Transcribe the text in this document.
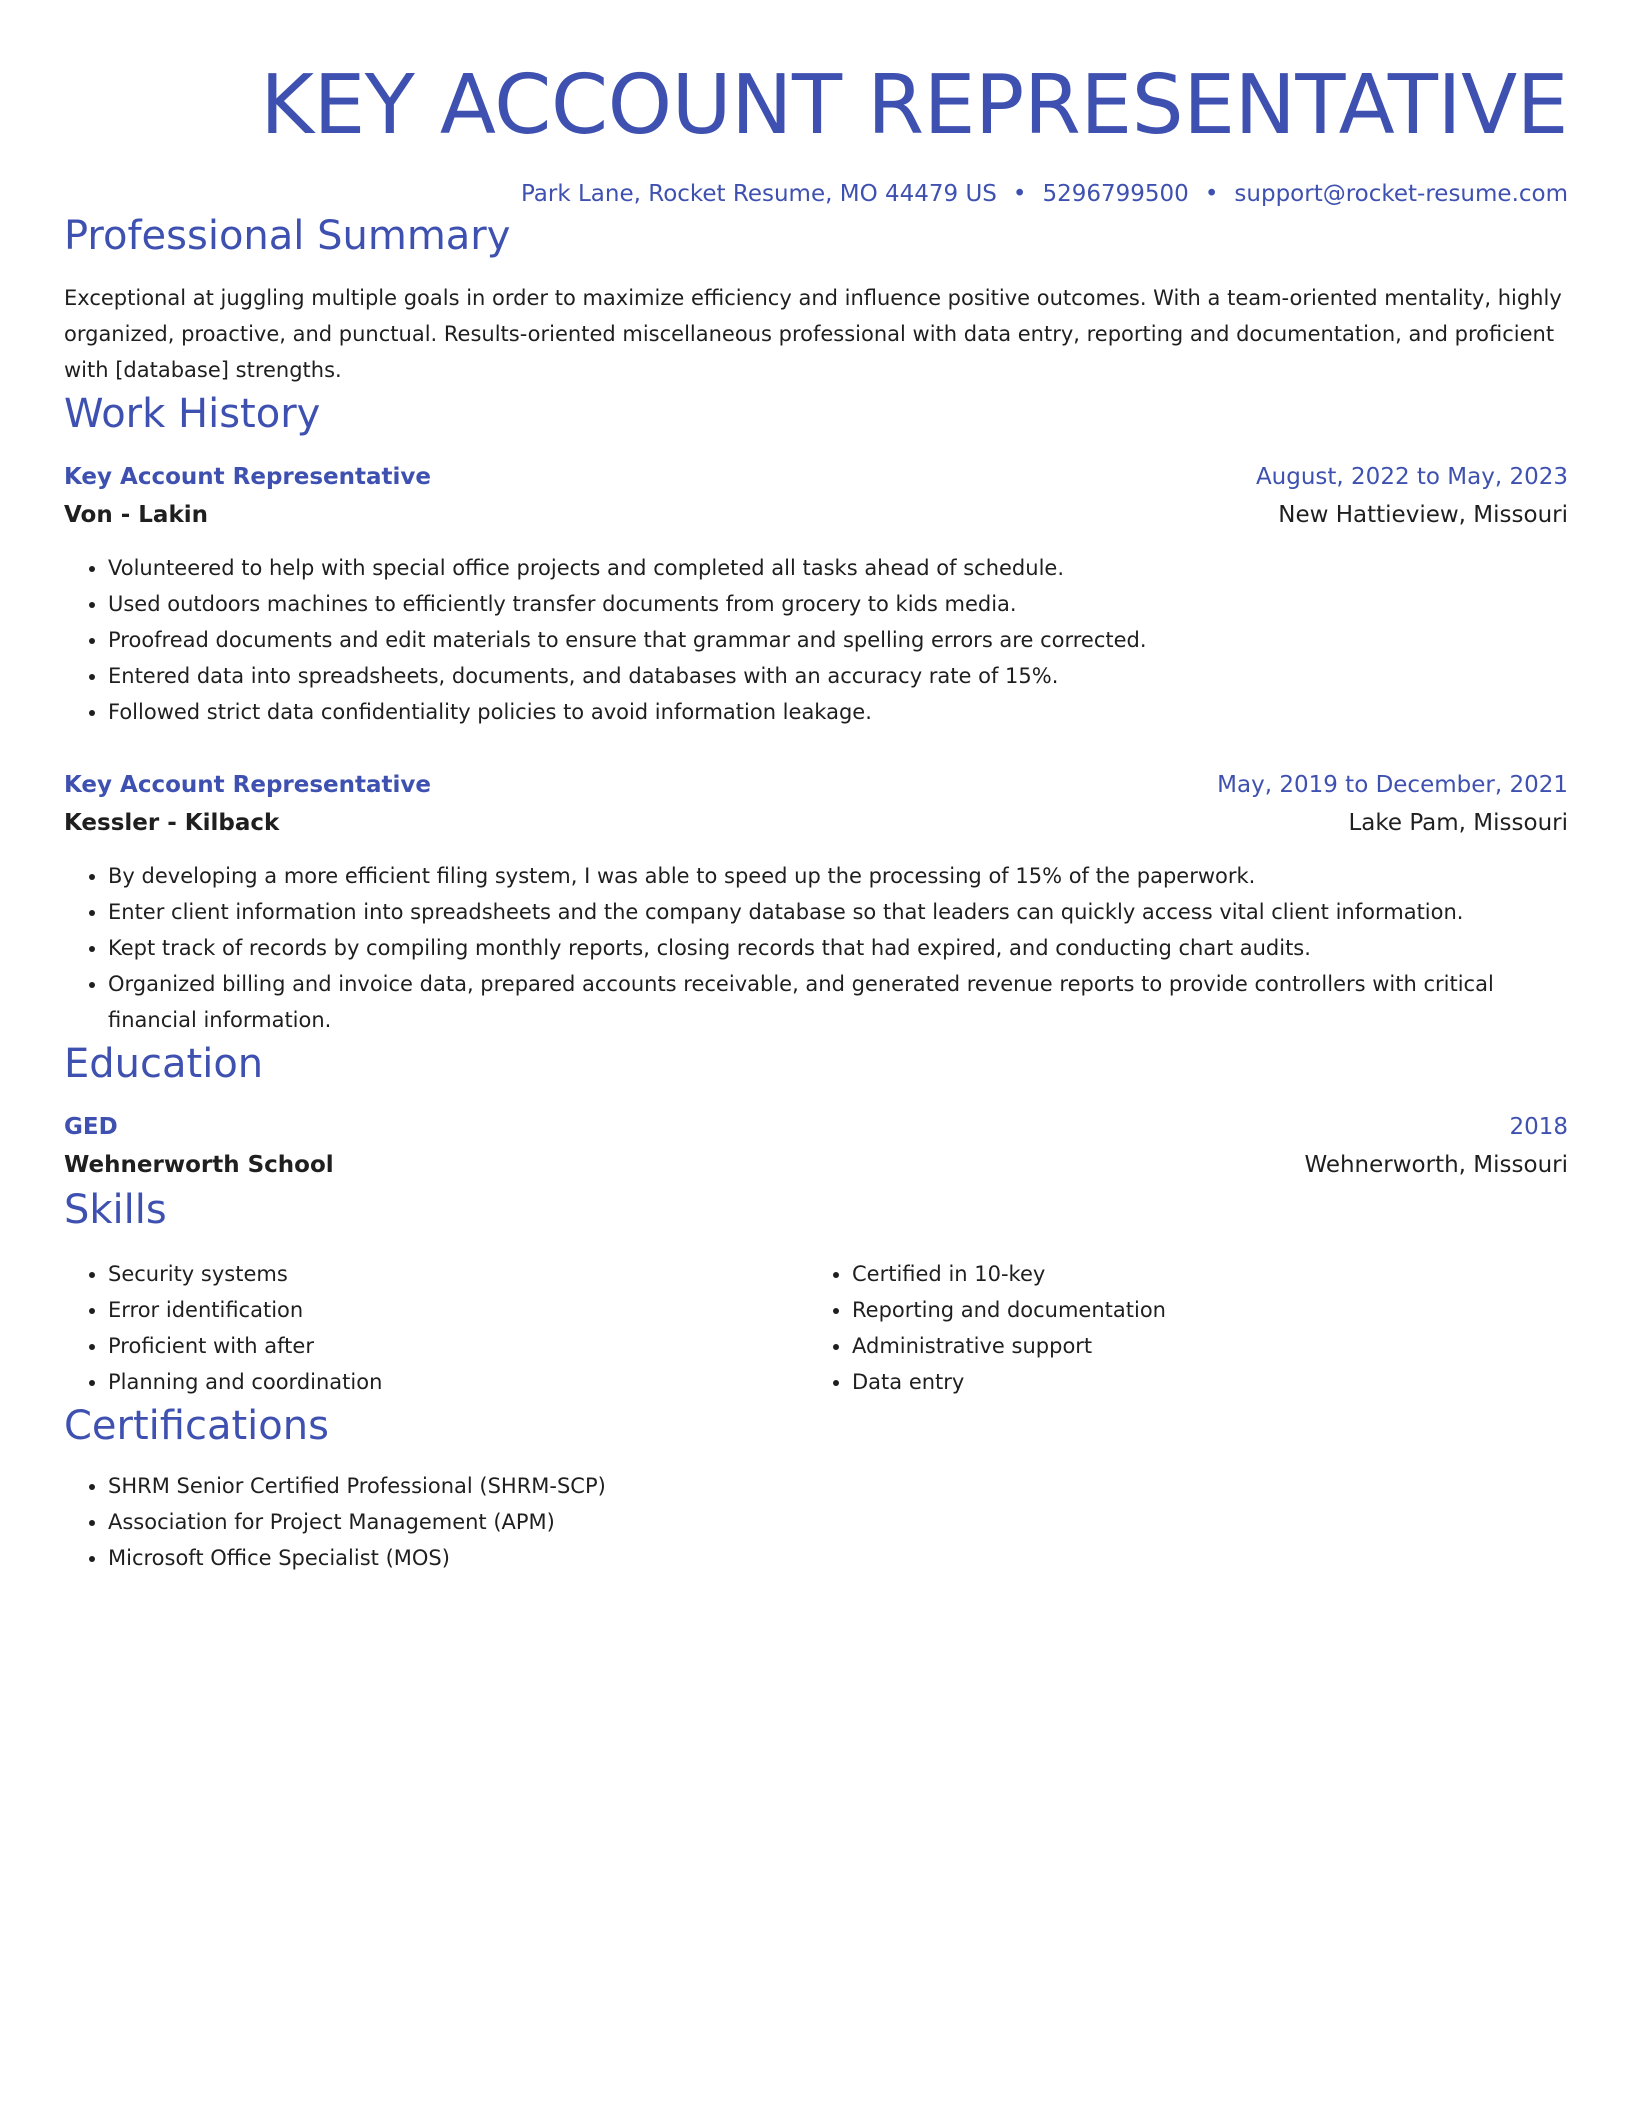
KEY ACCOUNT REPRESENTATIVE
Park Lane, Rocket Resume, MO 44479 US • 5296799500 • support@rocket-resume.com
Professional Summary

Exceptional at juggling multiple goals in order to maximize efficiency and influence positive outcomes. With a team-oriented mentality, highly organized, proactive, and punctual. Results-oriented miscellaneous professional with data entry, reporting and documentation, and proficient with [database] strengths.

Work History
Key Account Representative	August, 2022 to May, 2023
Von - Lakin	New Hattieview, Missouri
• Volunteered to help with special office projects and completed all tasks ahead of schedule.
• Used outdoors machines to efficiently transfer documents from grocery to kids media.
• Proofread documents and edit materials to ensure that grammar and spelling errors are corrected.
• Entered data into spreadsheets, documents, and databases with an accuracy rate of 15%.
• Followed strict data confidentiality policies to avoid information leakage.
Key Account Representative	May, 2019 to December, 2021
Kessler - Kilback	Lake Pam, Missouri
• By developing a more efficient filing system, I was able to speed up the processing of 15% of the paperwork.
• Enter client information into spreadsheets and the company database so that leaders can quickly access vital client information.
• Kept track of records by compiling monthly reports, closing records that had expired, and conducting chart audits.
• Organized billing and invoice data, prepared accounts receivable, and generated revenue reports to provide controllers with critical financial information.
Education
GED	2018
Wehnerworth School	Wehnerworth, Missouri
Skills
• Security systems
• Error identification
• Proficient with after
• Planning and coordination
• Certified in 10-key
• Reporting and documentation
• Administrative support
• Data entry
Certifications
• SHRM Senior Certified Professional (SHRM-SCP)
• Association for Project Management (APM)
• Microsoft Office Specialist (MOS)
